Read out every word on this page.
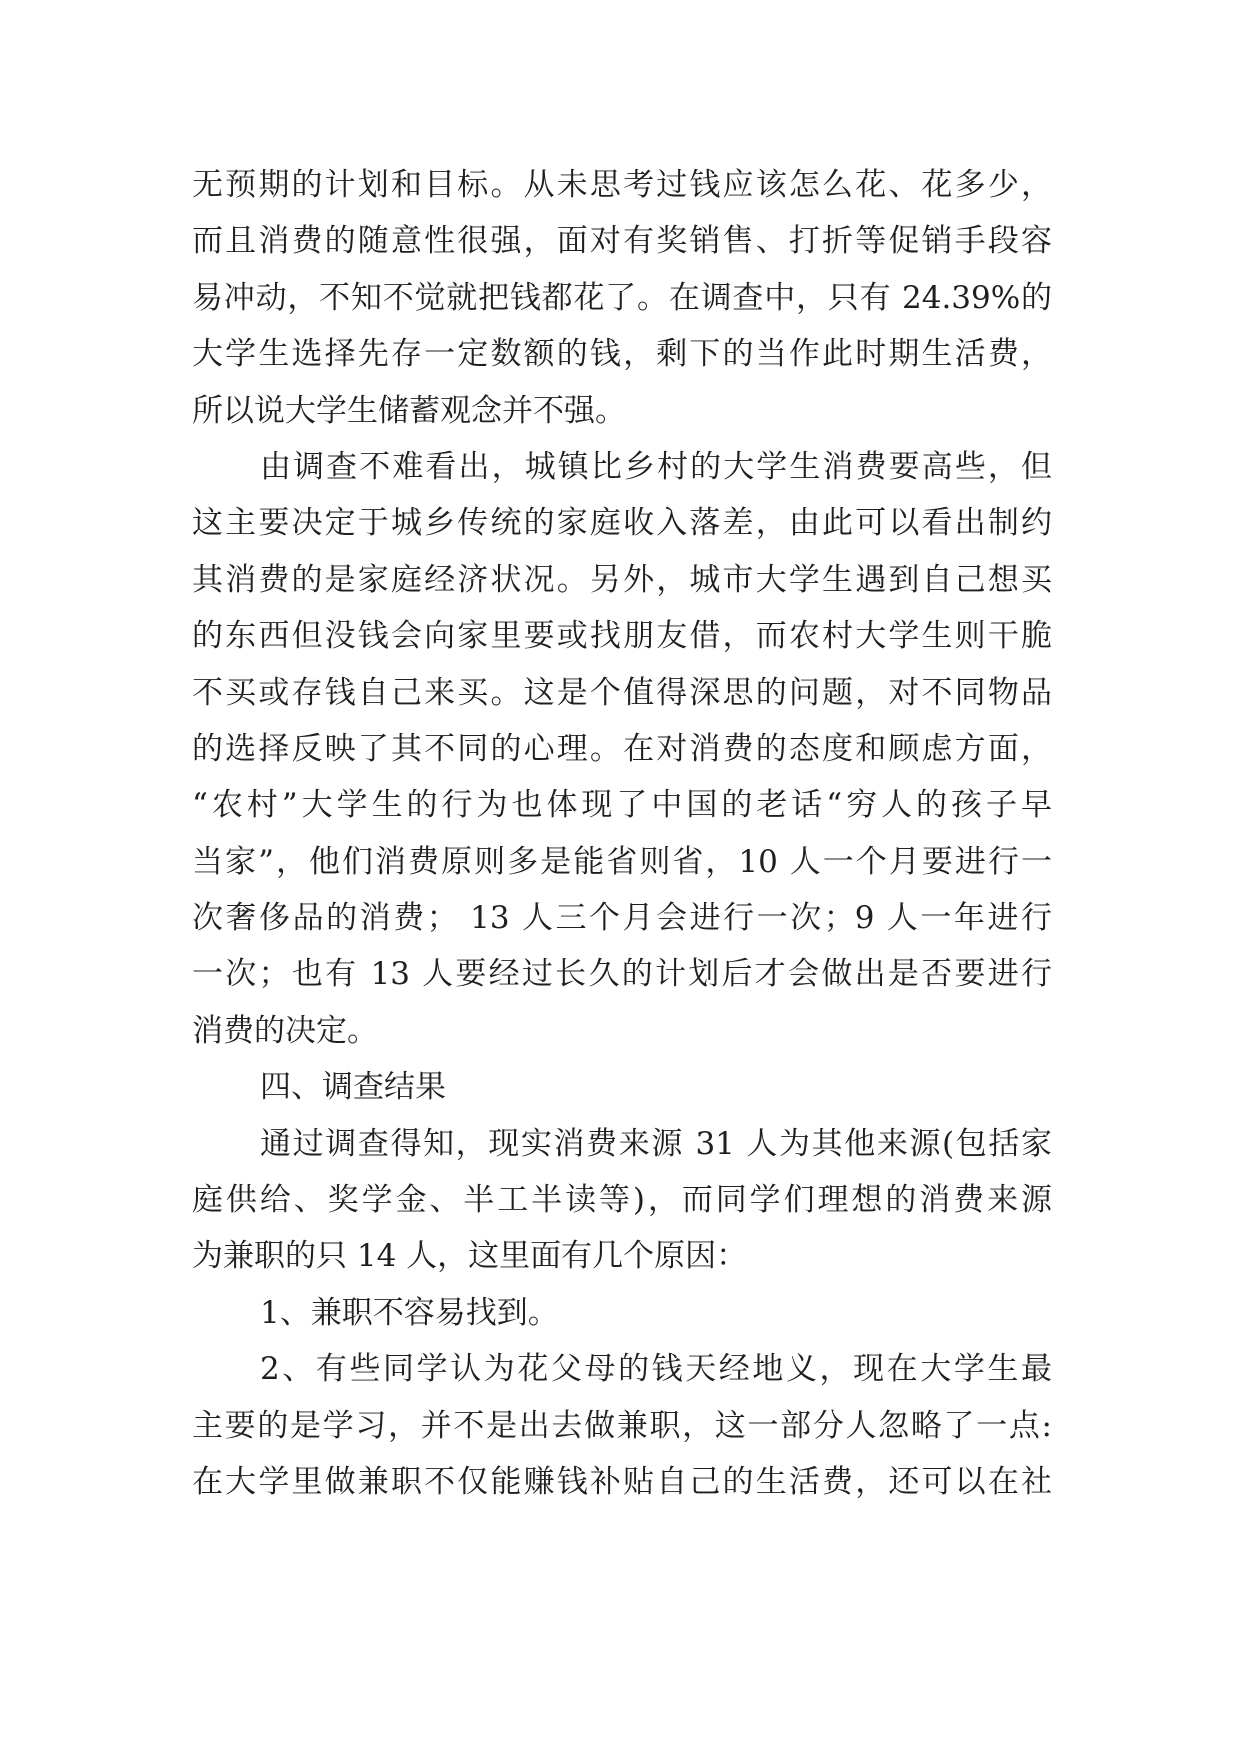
无预期的计划和目标。从未思考过钱应该怎么花、花多少，
而且消费的随意性很强，面对有奖销售、打折等促销手段容
易冲动，不知不觉就把钱都花了。在调查中，只有 24.39%的
大学生选择先存一定数额的钱，剩下的当作此时期生活费，
所以说大学生储蓄观念并不强。
由调查不难看出，城镇比乡村的大学生消费要高些，但
这主要决定于城乡传统的家庭收入落差，由此可以看出制约
其消费的是家庭经济状况。另外，城市大学生遇到自己想买
的东西但没钱会向家里要或找朋友借，而农村大学生则干脆
不买或存钱自己来买。这是个值得深思的问题，对不同物品
的选择反映了其不同的心理。在对消费的态度和顾虑方面，
“农村”大学生的行为也体现了中国的老话“穷人的孩子早
当家”，他们消费原则多是能省则省，10 人一个月要进行一
次奢侈品的消费； 13 人三个月会进行一次；9 人一年进行
一次；也有 13 人要经过长久的计划后才会做出是否要进行
消费的决定。
四、调查结果
通过调查得知，现实消费来源 31 人为其他来源(包括家
庭供给、奖学金、半工半读等)，而同学们理想的消费来源
为兼职的只 14 人，这里面有几个原因：
1、兼职不容易找到。
2、有些同学认为花父母的钱天经地义，现在大学生最
主要的是学习，并不是出去做兼职，这一部分人忽略了一点:
在大学里做兼职不仅能赚钱补贴自己的生活费，还可以在社
